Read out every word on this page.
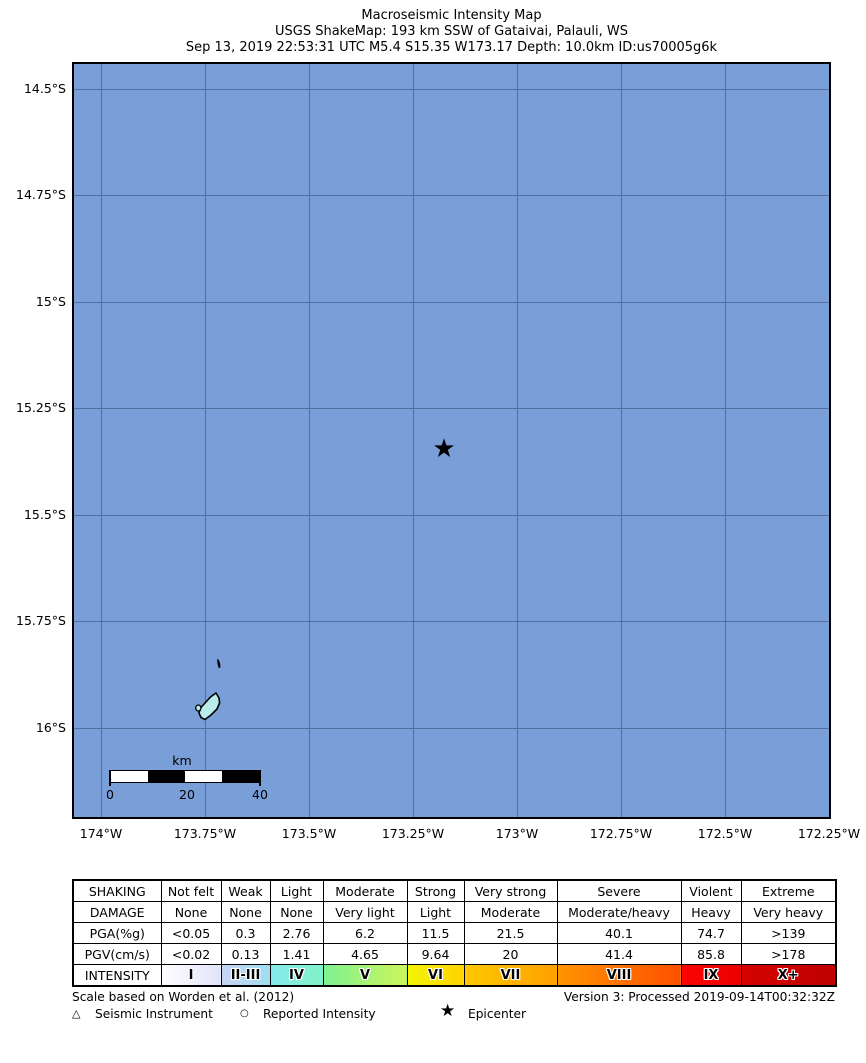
Macroseismic Intensity Map
USGS ShakeMap: 193 km SSW of Gataivai, Palauli, WS
Sep 13, 2019 22:53:31 UTC M5.4 S15.35 W173.17 Depth: 10.0km ID:us70005g6k
14.5°S
14.75°S
15°S
15.25°S
15.5°S
15.75°S
16°S
★
km
0	20	40
174°W	173.75°W	173.5°W	173.25°W	173°W	172.75°W	172.5°W	172.25°W
SHAKING	Not felt	Weak	Light	Moderate	Strong	Very strong	Severe	Violent	Extreme
DAMAGE	None	None	None	Very light	Light	Moderate	Moderate/heavy	Heavy	Very heavy
PGA(%g)	<0.05	0.3	2.76	6.2	11.5	21.5	40.1	74.7	>139
PGV(cm/s)	<0.02	0.13	1.41	4.65	9.64	20	41.4	85.8	>178
INTENSITY	I	II-III	IV	V	VI	VII	VIII	IX	X+
Scale based on Worden et al. (2012)	Version 3: Processed 2019-09-14T00:32:32Z
△ Seismic Instrument	○ Reported Intensity	★ Epicenter
